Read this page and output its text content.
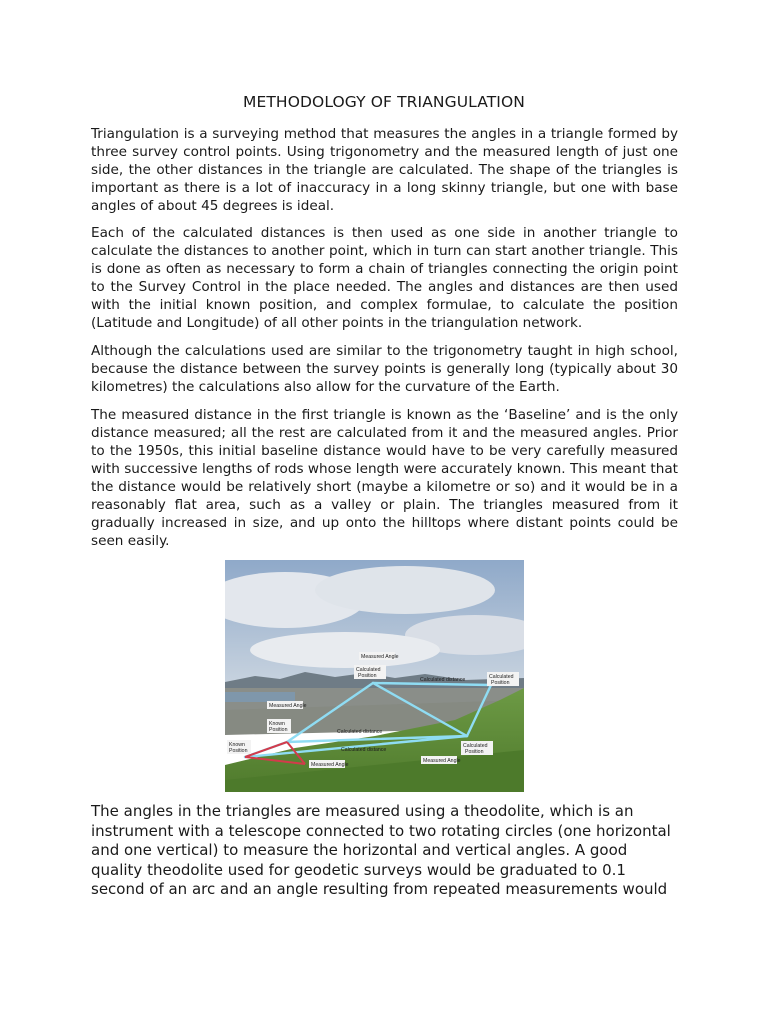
METHODOLOGY OF TRIANGULATION

Triangulation is a surveying method that measures the angles in a triangle formed by three survey control points. Using trigonometry and the measured length of just one side, the other distances in the triangle are calculated. The shape of the triangles is important as there is a lot of inaccuracy in a long skinny triangle, but one with base angles of about 45 degrees is ideal.

Each of the calculated distances is then used as one side in another triangle to calculate the distances to another point, which in turn can start another triangle. This is done as often as necessary to form a chain of triangles connecting the origin point to the Survey Control in the place needed. The angles and distances are then used with the initial known position, and complex formulae, to calculate the position (Latitude and Longitude) of all other points in the triangulation network.

Although the calculations used are similar to the trigonometry taught in high school, because the distance between the survey points is generally long (typically about 30 kilometres) the calculations also allow for the curvature of the Earth.

The measured distance in the first triangle is known as the ‘Baseline’ and is the only distance measured; all the rest are calculated from it and the measured angles. Prior to the 1950s, this initial baseline distance would have to be very carefully measured with successive lengths of rods whose length were accurately known. This meant that the distance would be relatively short (maybe a kilometre or so) and it would be in a reasonably flat area, such as a valley or plain. The triangles measured from it gradually increased in size, and up onto the hilltops where distant points could be seen easily.

Measured Angle
Calculated
Position
Calculated distance	Calculated
Position
Measured Angle
Known
Position	Calculated distance
Known
Position	Calculated distance
Calculated
Position
Measured Angle
Measured Angle

The angles in the triangles are measured using a theodolite, which is an instrument with a telescope connected to two rotating circles (one horizontal and one vertical) to measure the horizontal and vertical angles. A good quality theodolite used for geodetic surveys would be graduated to 0.1 second of an arc and an angle resulting from repeated measurements would
